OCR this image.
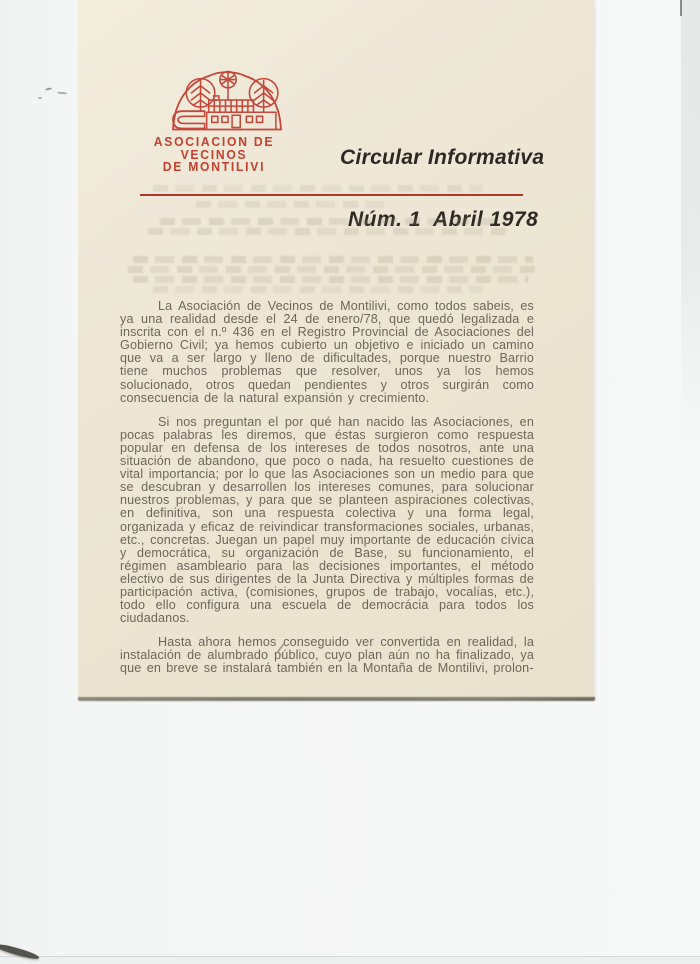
ASOCIACION DE
VECINOS
DE MONTILIVI

	Circular Informativa

Núm. 1  Abril 1978

La Asociación de Vecinos de Montilivi, como todos sabeis, es ya una realidad desde el 24 de enero/78, que quedó legalizada e inscrita con el n.º 436 en el Registro Provincial de Asociaciones del Gobierno Civil; ya hemos cubierto un objetivo e iniciado un camino que va a ser largo y lleno de dificultades, porque nuestro Barrio tiene muchos problemas que resolver, unos ya los hemos solucionado, otros quedan pendientes y otros surgirán como consecuencia de la natural expansión y crecimiento.

Si nos preguntan el por qué han nacido las Asociaciones, en pocas palabras les diremos, que éstas surgieron como respuesta popular en defensa de los intereses de todos nosotros, ante una situación de abandono, que poco o nada, ha resuelto cuestiones de vital importancia; por lo que las Asociaciones son un medio para que se descubran y desarrollen los intereses comunes, para solucionar nuestros problemas, y para que se planteen aspiraciones colectivas, en definitiva, son una respuesta colectiva y una forma legal, organizada y eficaz de reivindicar transformaciones sociales, urbanas, etc., concretas. Juegan un papel muy importante de educación cívica y democrática, su organización de Base, su funcionamiento, el régimen asambleario para las decisiones importantes, el método electivo de sus dirigentes de la Junta Directiva y múltiples formas de participación activa, (comisiones, grupos de trabajo, vocalías, etc.), todo ello configura una escuela de democrácia para todos los ciudadanos.

Hasta ahora hemos conseguido ver convertida en realidad, la instalación de alumbrado público, cuyo plan aún no ha finalizado, ya que en breve se instalará también en la Montaña de Montilivi, prolon-
